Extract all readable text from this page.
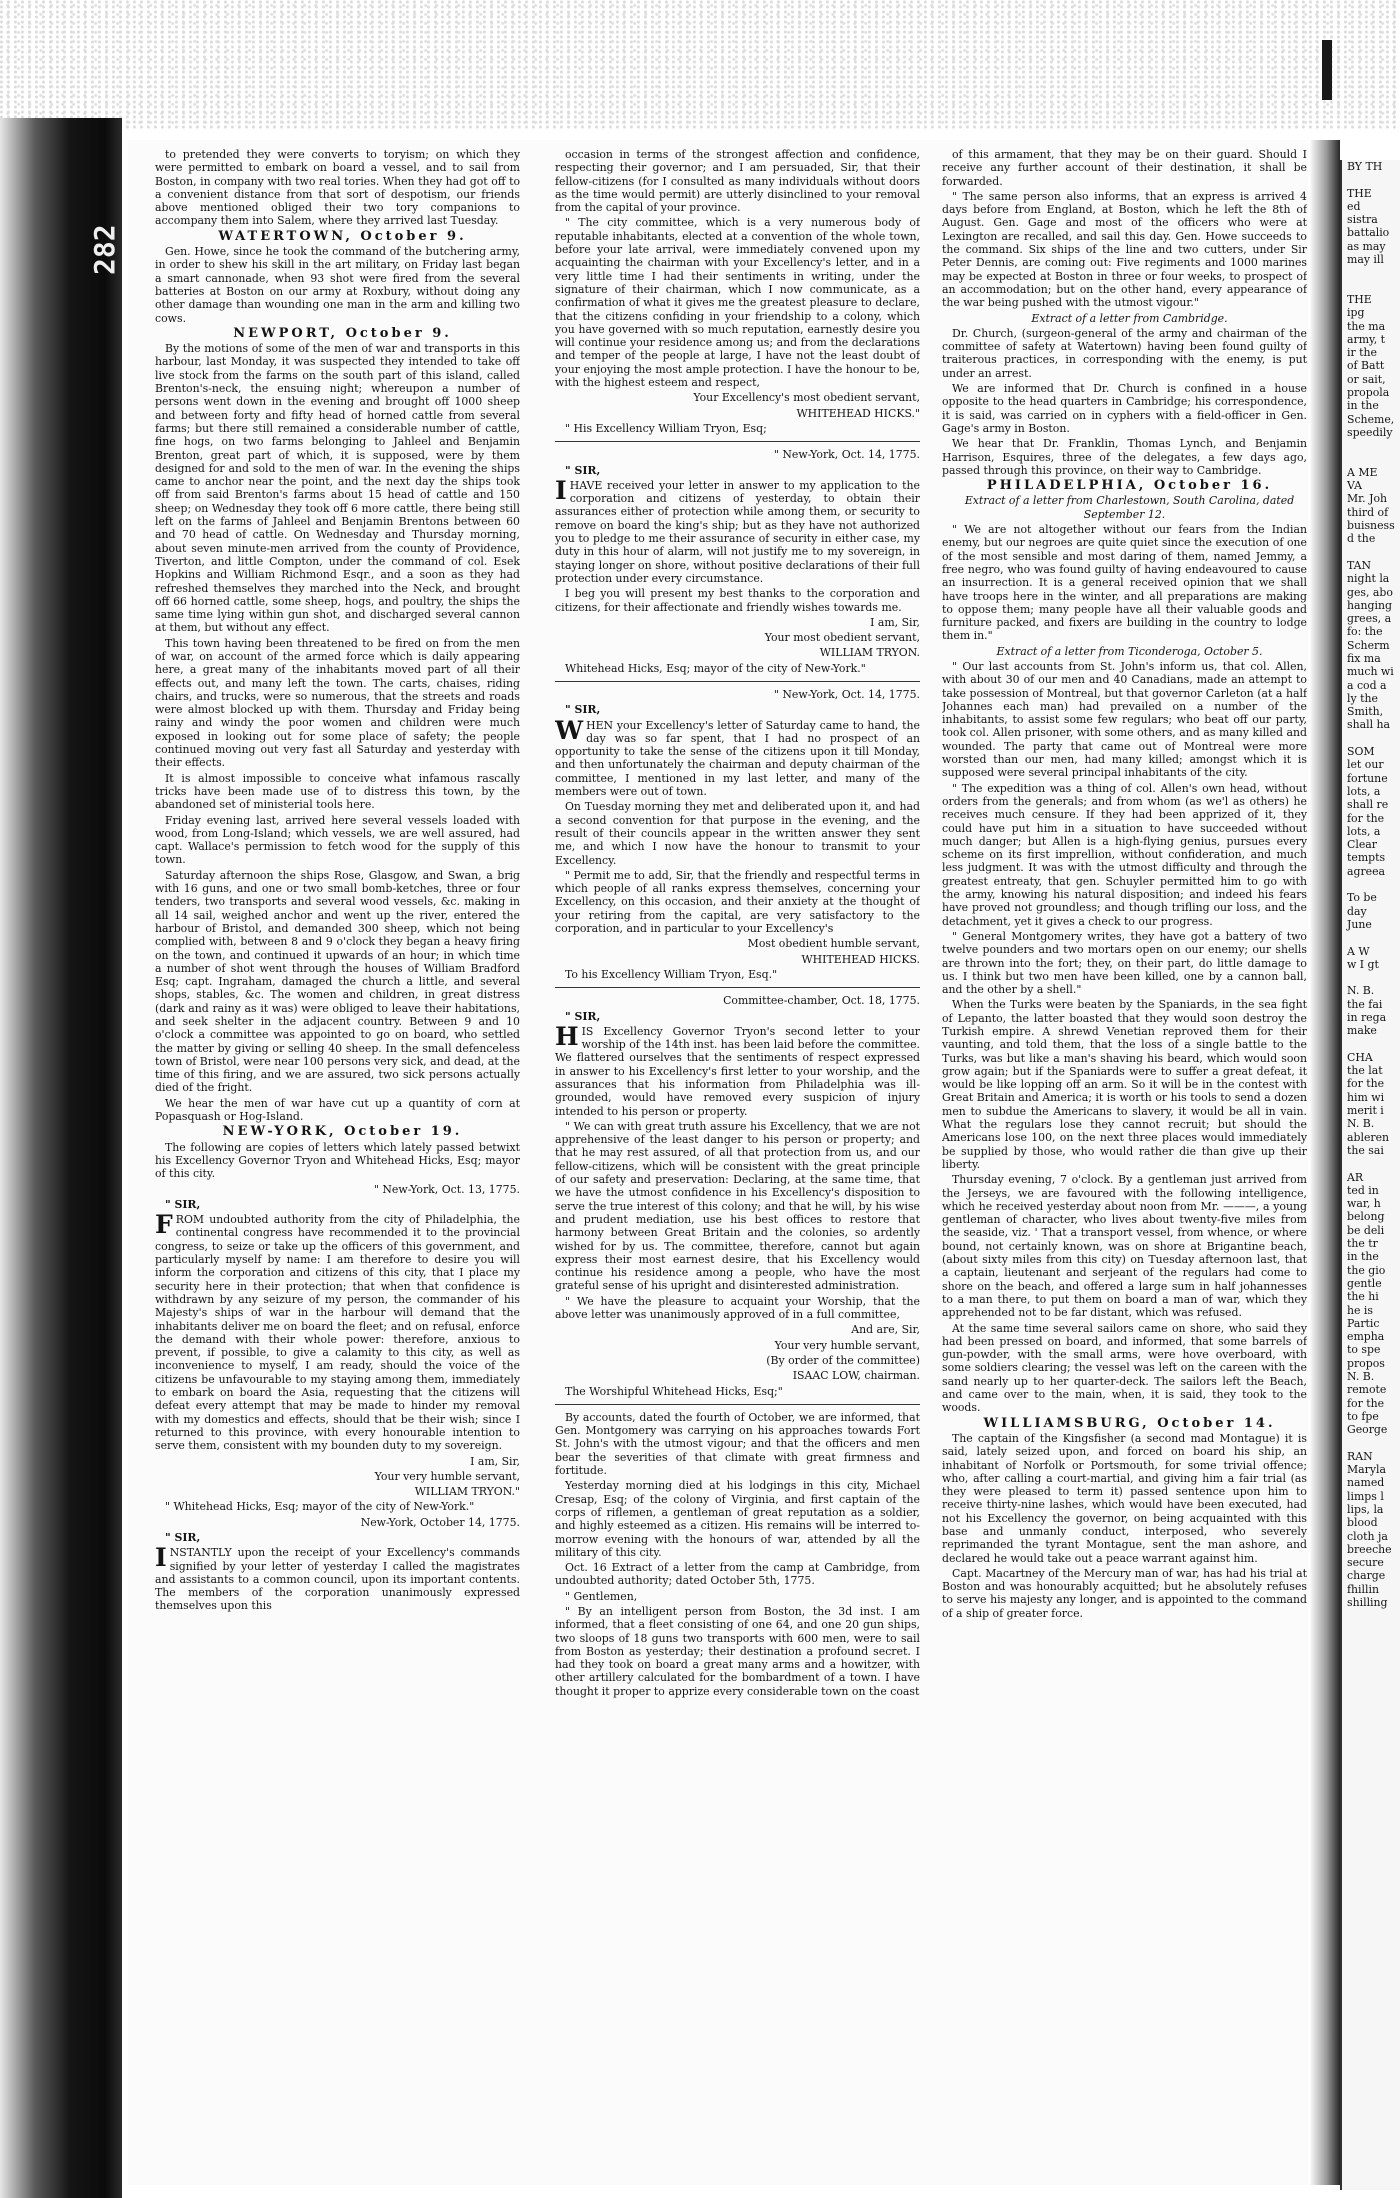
282

to pretended they were converts to toryism; on which they were permitted to embark on board a vessel, and to sail from Boston, in company with two real tories. When they had got off to a convenient distance from that sort of despotism, our friends above mentioned obliged their two tory companions to accompany them into Salem, where they arrived last Tuesday.

WATERTOWN, October 9.

Gen. Howe, since he took the command of the butchering army, in order to shew his skill in the art military, on Friday last began a smart cannonade, when 93 shot were fired from the several batteries at Boston on our army at Roxbury, without doing any other damage than wounding one man in the arm and killing two cows.

NEWPORT, October 9.

By the motions of some of the men of war and transports in this harbour, last Monday, it was suspected they intended to take off live stock from the farms on the south part of this island, called Brenton's-neck, the ensuing night; whereupon a number of persons went down in the evening and brought off 1000 sheep and between forty and fifty head of horned cattle from several farms; but there still remained a considerable number of cattle, fine hogs, on two farms belonging to Jahleel and Benjamin Brenton, great part of which, it is supposed, were by them designed for and sold to the men of war. In the evening the ships came to anchor near the point, and the next day the ships took off from said Brenton's farms about 15 head of cattle and 150 sheep; on Wednesday they took off 6 more cattle, there being still left on the farms of Jahleel and Benjamin Brentons between 60 and 70 head of cattle. On Wednesday and Thursday morning, about seven minute-men arrived from the county of Providence, Tiverton, and little Compton, under the command of col. Esek Hopkins and William Richmond Esqr., and a soon as they had refreshed themselves they marched into the Neck, and brought off 66 horned cattle, some sheep, hogs, and poultry, the ships the same time lying within gun shot, and discharged several cannon at them, but without any effect.

This town having been threatened to be fired on from the men of war, on account of the armed force which is daily appearing here, a great many of the inhabitants moved part of all their effects out, and many left the town. The carts, chaises, riding chairs, and trucks, were so numerous, that the streets and roads were almost blocked up with them. Thursday and Friday being rainy and windy the poor women and children were much exposed in looking out for some place of safety; the people continued moving out very fast all Saturday and yesterday with their effects.

It is almost impossible to conceive what infamous rascally tricks have been made use of to distress this town, by the abandoned set of ministerial tools here.

Friday evening last, arrived here several vessels loaded with wood, from Long-Island; which vessels, we are well assured, had capt. Wallace's permission to fetch wood for the supply of this town.

Saturday afternoon the ships Rose, Glasgow, and Swan, a brig with 16 guns, and one or two small bomb-ketches, three or four tenders, two transports and several wood vessels, &c. making in all 14 sail, weighed anchor and went up the river, entered the harbour of Bristol, and demanded 300 sheep, which not being complied with, between 8 and 9 o'clock they began a heavy firing on the town, and continued it upwards of an hour; in which time a number of shot went through the houses of William Bradford Esq; capt. Ingraham, damaged the church a little, and several shops, stables, &c. The women and children, in great distress (dark and rainy as it was) were obliged to leave their habitations, and seek shelter in the adjacent country. Between 9 and 10 o'clock a committee was appointed to go on board, who settled the matter by giving or selling 40 sheep. In the small defenceless town of Bristol, were near 100 persons very sick, and dead, at the time of this firing, and we are assured, two sick persons actually died of the fright.

We hear the men of war have cut up a quantity of corn at Popasquash or Hog-Island.

NEW-YORK, October 19.

The following are copies of letters which lately passed betwixt his Excellency Governor Tryon and Whitehead Hicks, Esq; mayor of this city.

" New-York, Oct. 13, 1775.

" SIR,

FROM undoubted authority from the city of Philadelphia, the continental congress have recommended it to the provincial congress, to seize or take up the officers of this government, and particularly myself by name: I am therefore to desire you will inform the corporation and citizens of this city, that I place my security here in their protection; that when that confidence is withdrawn by any seizure of my person, the commander of his Majesty's ships of war in the harbour will demand that the inhabitants deliver me on board the fleet; and on refusal, enforce the demand with their whole power: therefore, anxious to prevent, if possible, to give a calamity to this city, as well as inconvenience to myself, I am ready, should the voice of the citizens be unfavourable to my staying among them, immediately to embark on board the Asia, requesting that the citizens will defeat every attempt that may be made to hinder my removal with my domestics and effects, should that be their wish; since I returned to this province, with every honourable intention to serve them, consistent with my bounden duty to my sovereign.

I am, Sir,

Your very humble servant,

WILLIAM TRYON."

" Whitehead Hicks, Esq; mayor of the city of New-York."

New-York, October 14, 1775.

" SIR,

INSTANTLY upon the receipt of your Excellency's commands signified by your letter of yesterday I called the magistrates and assistants to a common council, upon its important contents. The members of the corporation unanimously expressed themselves upon this

occasion in terms of the strongest affection and confidence, respecting their governor; and I am persuaded, Sir, that their fellow-citizens (for I consulted as many individuals without doors as the time would permit) are utterly disinclined to your removal from the capital of your province.

" The city committee, which is a very numerous body of reputable inhabitants, elected at a convention of the whole town, before your late arrival, were immediately convened upon my acquainting the chairman with your Excellency's letter, and in a very little time I had their sentiments in writing, under the signature of their chairman, which I now communicate, as a confirmation of what it gives me the greatest pleasure to declare, that the citizens confiding in your friendship to a colony, which you have governed with so much reputation, earnestly desire you will continue your residence among us; and from the declarations and temper of the people at large, I have not the least doubt of your enjoying the most ample protection. I have the honour to be, with the highest esteem and respect,

Your Excellency's most obedient servant,

WHITEHEAD HICKS."

" His Excellency William Tryon, Esq;

" New-York, Oct. 14, 1775.

" SIR,

IHAVE received your letter in answer to my application to the corporation and citizens of yesterday, to obtain their assurances either of protection while among them, or security to remove on board the king's ship; but as they have not authorized you to pledge to me their assurance of security in either case, my duty in this hour of alarm, will not justify me to my sovereign, in staying longer on shore, without positive declarations of their full protection under every circumstance.

I beg you will present my best thanks to the corporation and citizens, for their affectionate and friendly wishes towards me.

I am, Sir,

Your most obedient servant,

WILLIAM TRYON.

Whitehead Hicks, Esq; mayor of the city of New-York."

" New-York, Oct. 14, 1775.

" SIR,

WHEN your Excellency's letter of Saturday came to hand, the day was so far spent, that I had no prospect of an opportunity to take the sense of the citizens upon it till Monday, and then unfortunately the chairman and deputy chairman of the committee, I mentioned in my last letter, and many of the members were out of town.

On Tuesday morning they met and deliberated upon it, and had a second convention for that purpose in the evening, and the result of their councils appear in the written answer they sent me, and which I now have the honour to transmit to your Excellency.

" Permit me to add, Sir, that the friendly and respectful terms in which people of all ranks express themselves, concerning your Excellency, on this occasion, and their anxiety at the thought of your retiring from the capital, are very satisfactory to the corporation, and in particular to your Excellency's

Most obedient humble servant,

WHITEHEAD HICKS.

To his Excellency William Tryon, Esq."

Committee-chamber, Oct. 18, 1775.

" SIR,

HIS Excellency Governor Tryon's second letter to your worship of the 14th inst. has been laid before the committee. We flattered ourselves that the sentiments of respect expressed in answer to his Excellency's first letter to your worship, and the assurances that his information from Philadelphia was ill-grounded, would have removed every suspicion of injury intended to his person or property.

" We can with great truth assure his Excellency, that we are not apprehensive of the least danger to his person or property; and that he may rest assured, of all that protection from us, and our fellow-citizens, which will be consistent with the great principle of our safety and preservation: Declaring, at the same time, that we have the utmost confidence in his Excellency's disposition to serve the true interest of this colony; and that he will, by his wise and prudent mediation, use his best offices to restore that harmony between Great Britain and the colonies, so ardently wished for by us. The committee, therefore, cannot but again express their most earnest desire, that his Excellency would continue his residence among a people, who have the most grateful sense of his upright and disinterested administration.

" We have the pleasure to acquaint your Worship, that the above letter was unanimously approved of in a full committee,

And are, Sir,

Your very humble servant,

(By order of the committee)

ISAAC LOW, chairman.

The Worshipful Whitehead Hicks, Esq;"

By accounts, dated the fourth of October, we are informed, that Gen. Montgomery was carrying on his approaches towards Fort St. John's with the utmost vigour; and that the officers and men bear the severities of that climate with great firmness and fortitude.

Yesterday morning died at his lodgings in this city, Michael Cresap, Esq; of the colony of Virginia, and first captain of the corps of riflemen, a gentleman of great reputation as a soldier, and highly esteemed as a citizen. His remains will be interred to-morrow evening with the honours of war, attended by all the military of this city.

Oct. 16 Extract of a letter from the camp at Cambridge, from undoubted authority; dated October 5th, 1775.

" Gentlemen,

" By an intelligent person from Boston, the 3d inst. I am informed, that a fleet consisting of one 64, and one 20 gun ships, two sloops of 18 guns two transports with 600 men, were to sail from Boston as yesterday; their destination a profound secret. I had they took on board a great many arms and a howitzer, with other artillery calculated for the bombardment of a town. I have thought it proper to apprize every considerable town on the coast

of this armament, that they may be on their guard. Should I receive any further account of their destination, it shall be forwarded.

" The same person also informs, that an express is arrived 4 days before from England, at Boston, which he left the 8th of August. Gen. Gage and most of the officers who were at Lexington are recalled, and sail this day. Gen. Howe succeeds to the command. Six ships of the line and two cutters, under Sir Peter Dennis, are coming out: Five regiments and 1000 marines may be expected at Boston in three or four weeks, to prospect of an accommodation; but on the other hand, every appearance of the war being pushed with the utmost vigour."

Extract of a letter from Cambridge.

Dr. Church, (surgeon-general of the army and chairman of the committee of safety at Watertown) having been found guilty of traiterous practices, in corresponding with the enemy, is put under an arrest.

We are informed that Dr. Church is confined in a house opposite to the head quarters in Cambridge; his correspondence, it is said, was carried on in cyphers with a field-officer in Gen. Gage's army in Boston.

We hear that Dr. Franklin, Thomas Lynch, and Benjamin Harrison, Esquires, three of the delegates, a few days ago, passed through this province, on their way to Cambridge.

PHILADELPHIA, October 16.

Extract of a letter from Charlestown, South Carolina, dated September 12.

" We are not altogether without our fears from the Indian enemy, but our negroes are quite quiet since the execution of one of the most sensible and most daring of them, named Jemmy, a free negro, who was found guilty of having endeavoured to cause an insurrection. It is a general received opinion that we shall have troops here in the winter, and all preparations are making to oppose them; many people have all their valuable goods and furniture packed, and fixers are building in the country to lodge them in."

Extract of a letter from Ticonderoga, October 5.

" Our last accounts from St. John's inform us, that col. Allen, with about 30 of our men and 40 Canadians, made an attempt to take possession of Montreal, but that governor Carleton (at a half Johannes each man) had prevailed on a number of the inhabitants, to assist some few regulars; who beat off our party, took col. Allen prisoner, with some others, and as many killed and wounded. The party that came out of Montreal were more worsted than our men, had many killed; amongst which it is supposed were several principal inhabitants of the city.

" The expedition was a thing of col. Allen's own head, without orders from the generals; and from whom (as we'l as others) he receives much censure. If they had been apprized of it, they could have put him in a situation to have succeeded without much danger; but Allen is a high-flying genius, pursues every scheme on its first imprellion, without confideration, and much less judgment. It was with the utmost difficulty and through the greatest entreaty, that gen. Schuyler permitted him to go with the army, knowing his natural disposition; and indeed his fears have proved not groundless; and though trifling our loss, and the detachment, yet it gives a check to our progress.

" General Montgomery writes, they have got a battery of two twelve pounders and two mortars open on our enemy; our shells are thrown into the fort; they, on their part, do little damage to us. I think but two men have been killed, one by a cannon ball, and the other by a shell."

When the Turks were beaten by the Spaniards, in the sea fight of Lepanto, the latter boasted that they would soon destroy the Turkish empire. A shrewd Venetian reproved them for their vaunting, and told them, that the loss of a single battle to the Turks, was but like a man's shaving his beard, which would soon grow again; but if the Spaniards were to suffer a great defeat, it would be like lopping off an arm. So it will be in the contest with Great Britain and America; it is worth or his tools to send a dozen men to subdue the Americans to slavery, it would be all in vain. What the regulars lose they cannot recruit; but should the Americans lose 100, on the next three places would immediately be supplied by those, who would rather die than give up their liberty.

Thursday evening, 7 o'clock. By a gentleman just arrived from the Jerseys, we are favoured with the following intelligence, which he received yesterday about noon from Mr. ———, a young gentleman of character, who lives about twenty-five miles from the seaside, viz. ' That a transport vessel, from whence, or where bound, not certainly known, was on shore at Brigantine beach, (about sixty miles from this city) on Tuesday afternoon last, that a captain, lieutenant and serjeant of the regulars had come to shore on the beach, and offered a large sum in half johannesses to a man there, to put them on board a man of war, which they apprehended not to be far distant, which was refused.

At the same time several sailors came on shore, who said they had been pressed on board, and informed, that some barrels of gun-powder, with the small arms, were hove overboard, with some soldiers clearing; the vessel was left on the careen with the sand nearly up to her quarter-deck. The sailors left the Beach, and came over to the main, when, it is said, they took to the woods.

WILLIAMSBURG, October 14.

The captain of the Kingsfisher (a second mad Montague) it is said, lately seized upon, and forced on board his ship, an inhabitant of Norfolk or Portsmouth, for some trivial offence; who, after calling a court-martial, and giving him a fair trial (as they were pleased to term it) passed sentence upon him to receive thirty-nine lashes, which would have been executed, had not his Excellency the governor, on being acquainted with this base and unmanly conduct, interposed, who severely reprimanded the tyrant Montague, sent the man ashore, and declared he would take out a peace warrant against him.

Capt. Macartney of the Mercury man of war, has had his trial at Boston and was honourably acquitted; but he absolutely refuses to serve his majesty any longer, and is appointed to the command of a ship of greater force.

BY TH

THE
ed
sistra
battalio
as may
may ill

THE
ipg
the ma
army, t
ir the
of Batt
or sait,
propola
in the
Scheme,
speedily

A ME
VA
Mr. Joh
third of
buisness
d the

TAN
night la
ges, abo
hanging
grees, a
fo: the
Scherm
fix ma
much wi
a cod a
ly the
Smith,
shall ha

SOM
let our
fortune
lots, a
shall re
for the
lots, a
Clear
tempts
agreea

To be
day
June

A W
w I gt

N. B.
the fai
in rega
make

CHA
the lat
for the
him wi
merit i
N. B.
ableren
the sai

AR
ted in
war, h
belong
be deli
the tr
in the
the gio
gentle
the hi
he is
Partic
empha
to spe
propos
N. B.
remote
for the
to fpe
George

RAN
Maryla
named
limps l
lips, la
blood
cloth ja
breeche
secure
charge
fhillin
shilling
